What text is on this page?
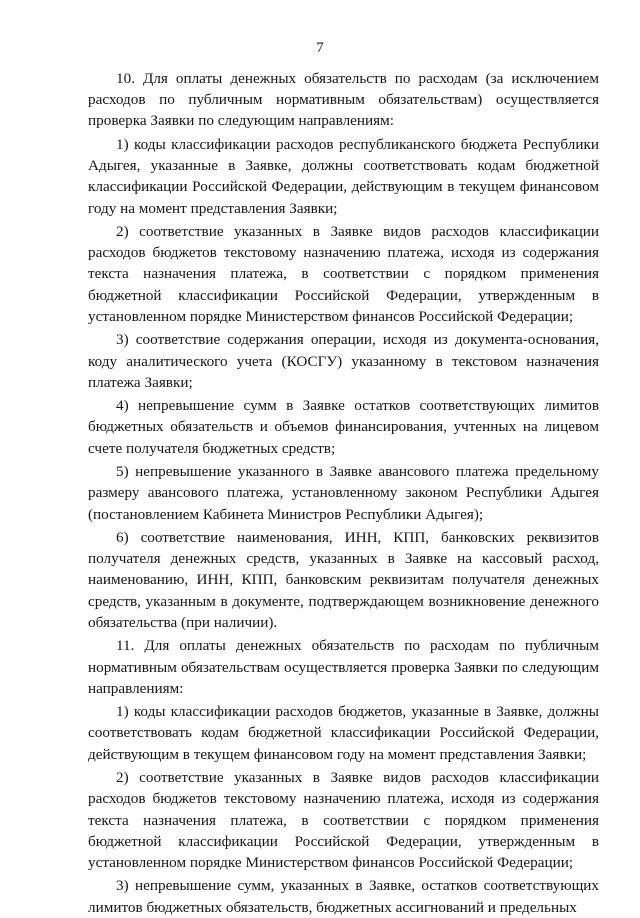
7

10. Для оплаты денежных обязательств по расходам (за исключением расходов по публичным нормативным обязательствам) осуществляется проверка Заявки по следующим направлениям:

1) коды классификации расходов республиканского бюджета Республики Адыгея, указанные в Заявке, должны соответствовать кодам бюджетной классификации Российской Федерации, действующим в текущем финансовом году на момент представления Заявки;

2) соответствие указанных в Заявке видов расходов классификации расходов бюджетов текстовому назначению платежа, исходя из содержания текста назначения платежа, в соответствии с порядком применения бюджетной классификации Российской Федерации, утвержденным в установленном порядке Министерством финансов Российской Федерации;

3) соответствие содержания операции, исходя из документа-основания, коду аналитического учета (КОСГУ) указанному в текстовом назначения платежа Заявки;

4) непревышение сумм в Заявке остатков соответствующих лимитов бюджетных обязательств и объемов финансирования, учтенных на лицевом счете получателя бюджетных средств;

5) непревышение указанного в Заявке авансового платежа предельному размеру авансового платежа, установленному законом Республики Адыгея (постановлением Кабинета Министров Республики Адыгея);

6) соответствие наименования, ИНН, КПП, банковских реквизитов получателя денежных средств, указанных в Заявке на кассовый расход, наименованию, ИНН, КПП, банковским реквизитам получателя денежных средств, указанным в документе, подтверждающем возникновение денежного обязательства (при наличии).

11. Для оплаты денежных обязательств по расходам по публичным нормативным обязательствам осуществляется проверка Заявки по следующим направлениям:

1) коды классификации расходов бюджетов, указанные в Заявке, должны соответствовать кодам бюджетной классификации Российской Федерации, действующим в текущем финансовом году на момент представления Заявки;

2) соответствие указанных в Заявке видов расходов классификации расходов бюджетов текстовому назначению платежа, исходя из содержания текста назначения платежа, в соответствии с порядком применения бюджетной классификации Российской Федерации, утвержденным в установленном порядке Министерством финансов Российской Федерации;

3) непревышение сумм, указанных в Заявке, остатков соответствующих лимитов бюджетных обязательств, бюджетных ассигнований и предельных
